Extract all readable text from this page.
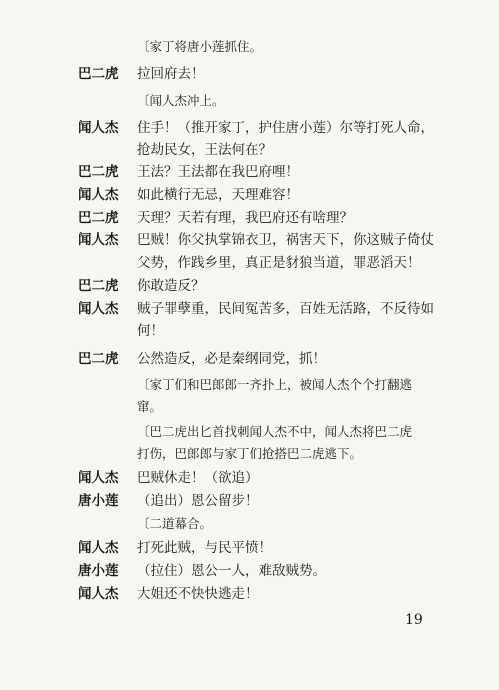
〔家丁将唐小莲抓住。
巴二虎 拉回府去！
〔闻人杰冲上。
闻人杰 住手！（推开家丁，护住唐小莲）尔等打死人命，
抢劫民女，王法何在？
巴二虎 王法？王法都在我巴府哩！
闻人杰 如此横行无忌，天理难容！
巴二虎 天理？天若有理，我巴府还有啥理？
闻人杰 巴贼！你父执掌锦衣卫，祸害天下，你这贼子倚仗
父势，作践乡里，真正是豺狼当道，罪恶滔天！
巴二虎 你敢造反？
闻人杰 贼子罪孽重，民间冤苦多，百姓无活路，不反待如
何！
巴二虎 公然造反，必是秦纲同党，抓！
〔家丁们和巴郎郎一齐扑上，被闻人杰个个打翻逃
窜。
〔巴二虎出匕首找刺闻人杰不中，闻人杰将巴二虎
打伤，巴郎郎与家丁们抢搭巴二虎逃下。
闻人杰 巴贼休走！（欲追）
唐小莲 （追出）恩公留步！
〔二道幕合。
闻人杰 打死此贼，与民平愤！
唐小莲 （拉住）恩公一人，难敌贼势。
闻人杰 大姐还不快快逃走！
19
